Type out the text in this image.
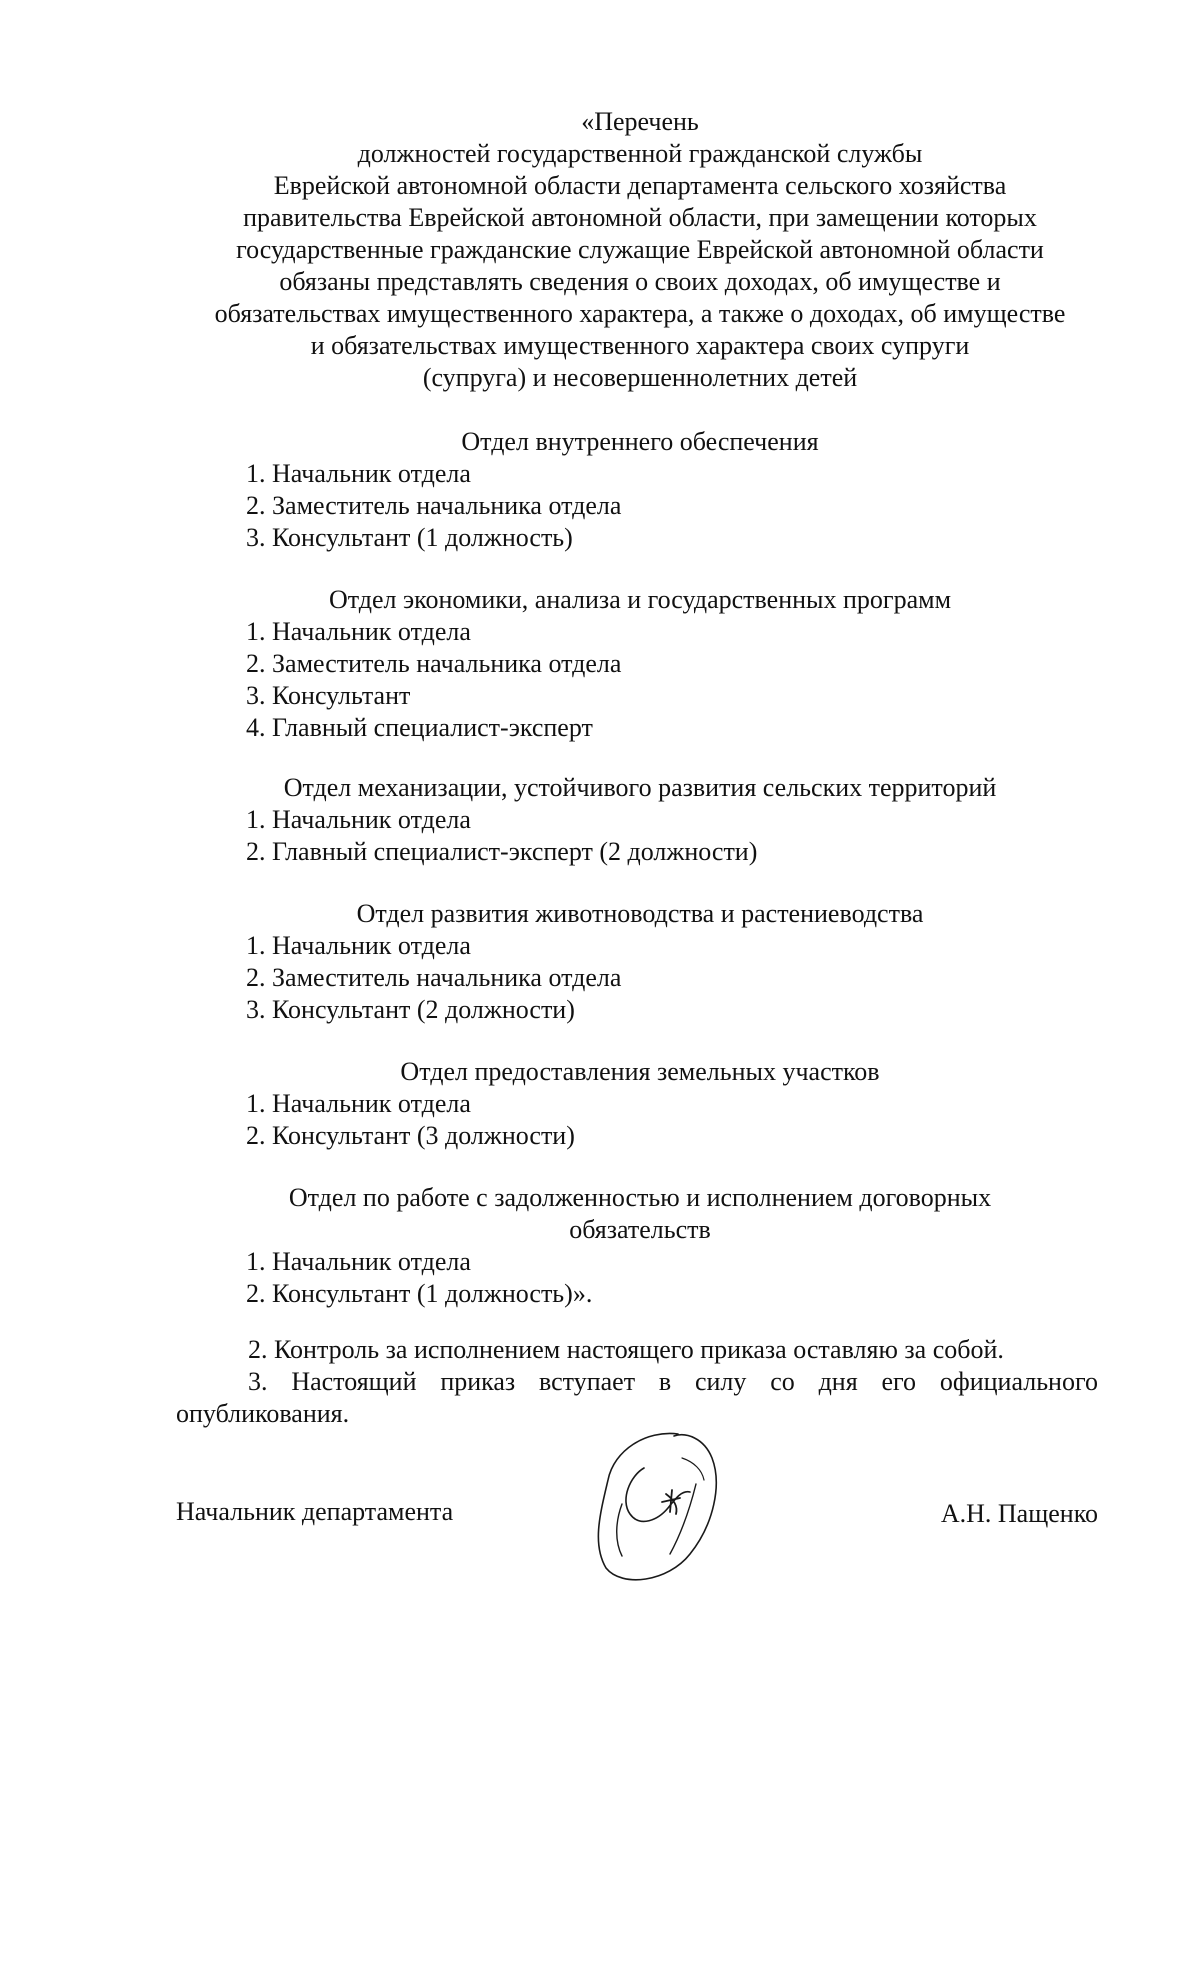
«Перечень
должностей государственной гражданской службы
Еврейской автономной области департамента сельского хозяйства
правительства Еврейской автономной области, при замещении которых
государственные гражданские служащие Еврейской автономной области
обязаны представлять сведения о своих доходах, об имуществе и
обязательствах имущественного характера, а также о доходах, об имуществе
и обязательствах имущественного характера своих супруги
(супруга) и несовершеннолетних детей
Отдел внутреннего обеспечения
1. Начальник отдела
2. Заместитель начальника отдела
3. Консультант (1 должность)
Отдел экономики, анализа и государственных программ
1. Начальник отдела
2. Заместитель начальника отдела
3. Консультант
4. Главный специалист-эксперт
Отдел механизации, устойчивого развития сельских территорий
1. Начальник отдела
2. Главный специалист-эксперт (2 должности)
Отдел развития животноводства и растениеводства
1. Начальник отдела
2. Заместитель начальника отдела
3. Консультант (2 должности)
Отдел предоставления земельных участков
1. Начальник отдела
2. Консультант (3 должности)
Отдел по работе с задолженностью и исполнением договорных
обязательств
1. Начальник отдела
2. Консультант (1 должность)».
2. Контроль за исполнением настоящего приказа оставляю за собой.
3. Настоящий приказ вступает в силу со дня его официального опубликования.
Начальник департамента	А.Н. Пащенко
